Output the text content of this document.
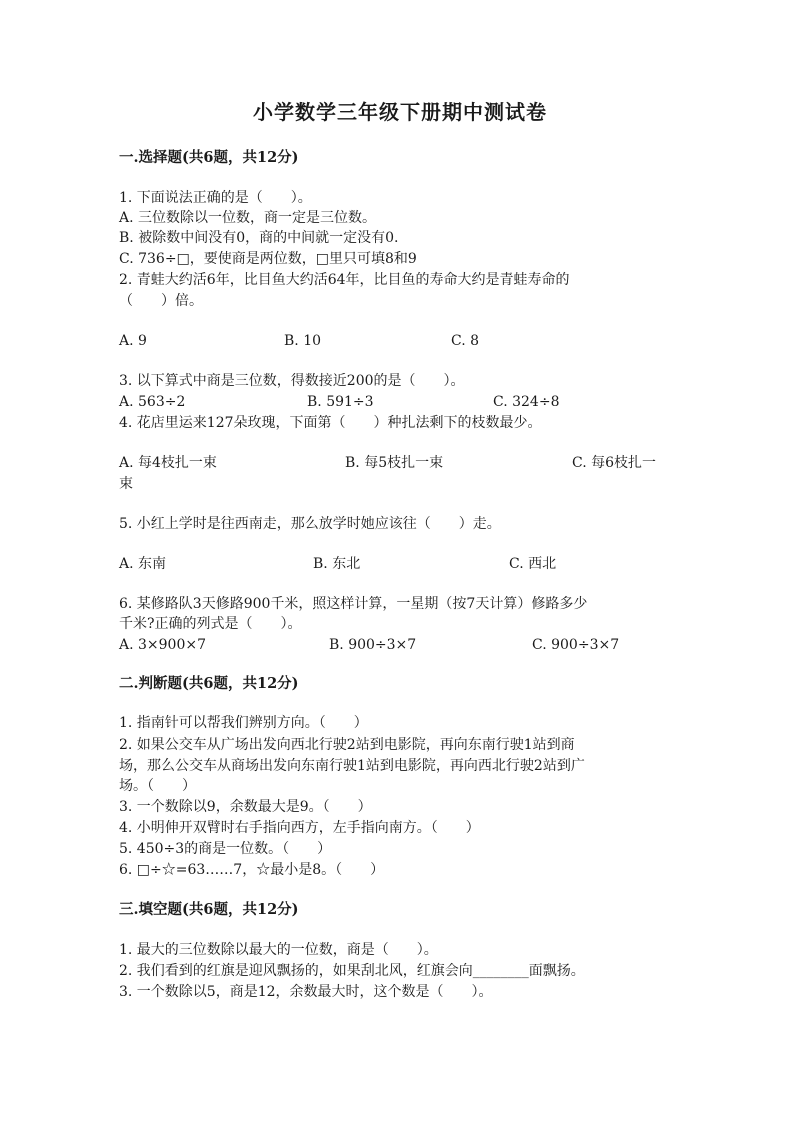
小学数学三年级下册期中测试卷
一.选择题(共6题，共12分)
1. 下面说法正确的是（　　）。
A. 三位数除以一位数，商一定是三位数。
B. 被除数中间没有0，商的中间就一定没有0.
C. 736÷□，要使商是两位数，□里只可填8和9
2. 青蛙大约活6年，比目鱼大约活64年，比目鱼的寿命大约是青蛙寿命的
（　　）倍。
A. 9	B. 10	C. 8
3. 以下算式中商是三位数，得数接近200的是（　　）。
A. 563÷2	B. 591÷3	C. 324÷8
4. 花店里运来127朵玫瑰，下面第（　　）种扎法剩下的枝数最少。
A. 每4枝扎一束	B. 每5枝扎一束	C. 每6枝扎一
束
5. 小红上学时是往西南走，那么放学时她应该往（　　）走。
A. 东南	B. 东北	C. 西北
6. 某修路队3天修路900千米，照这样计算，一星期（按7天计算）修路多少
千米?正确的列式是（　　）。
A. 3×900×7	B. 900÷3×7	C. 900÷3×7
二.判断题(共6题，共12分)
1. 指南针可以帮我们辨别方向。（　　）
2. 如果公交车从广场出发向西北行驶2站到电影院，再向东南行驶1站到商
场，那么公交车从商场出发向东南行驶1站到电影院，再向西北行驶2站到广
场。（　　）
3. 一个数除以9，余数最大是9。（　　）
4. 小明伸开双臂时右手指向西方，左手指向南方。（　　）
5. 450÷3的商是一位数。（　　）
6. □÷☆=63……7，☆最小是8。（　　）
三.填空题(共6题，共12分)
1. 最大的三位数除以最大的一位数，商是（　　）。
2. 我们看到的红旗是迎风飘扬的，如果刮北风，红旗会向________面飘扬。
3. 一个数除以5，商是12，余数最大时，这个数是（　　）。
